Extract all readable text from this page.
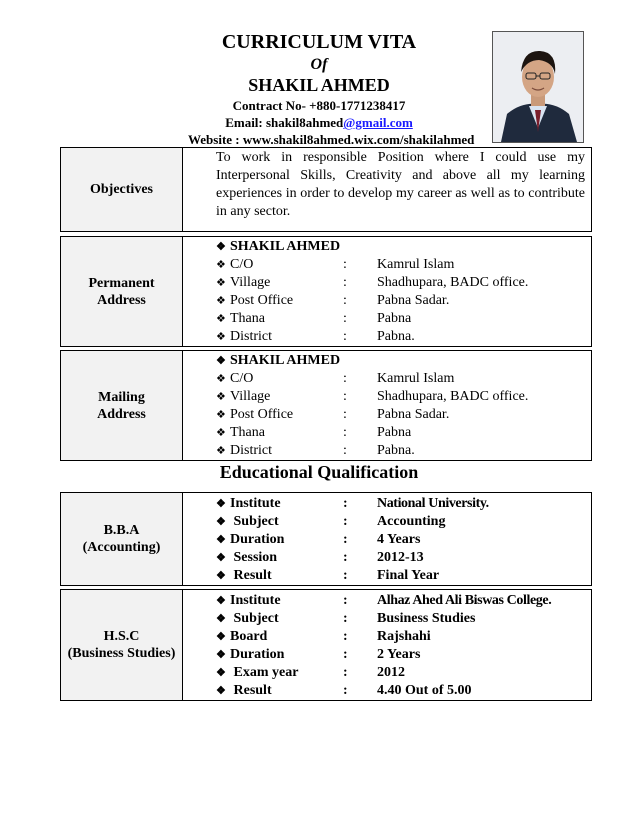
CURRICULUM VITA
Of
SHAKIL AHMED
Contract No- +880-1771238417
Email: shakil8ahmed@gmail.com
Website : www.shakil8ahmed.wix.com/shakilahmed
Objectives
To work in responsible Position where I could use my Interpersonal Skills, Creativity and above all my learning experiences in order to develop my career as well as to contribute in any sector.
Permanent
Address
❖ SHAKIL AHMED
❖ C/O	: Kamrul Islam
❖ Village	: Shadhupara, BADC office.
❖ Post Office	: Pabna Sadar.
❖ Thana	: Pabna
❖ District	: Pabna.
Mailing
Address
❖ SHAKIL AHMED
❖ C/O	: Kamrul Islam
❖ Village	: Shadhupara, BADC office.
❖ Post Office	: Pabna Sadar.
❖ Thana	: Pabna
❖ District	: Pabna.
Educational Qualification
B.B.A
(Accounting)
❖ Institute	: National University.
❖ Subject	: Accounting
❖ Duration	: 4 Years
❖ Session	: 2012-13
❖ Result	: Final Year
H.S.C
(Business Studies)
❖ Institute	: Alhaz Ahed Ali Biswas College.
❖ Subject	: Business Studies
❖ Board	: Rajshahi
❖ Duration	: 2 Years
❖ Exam year	: 2012
❖ Result	: 4.40 Out of 5.00
